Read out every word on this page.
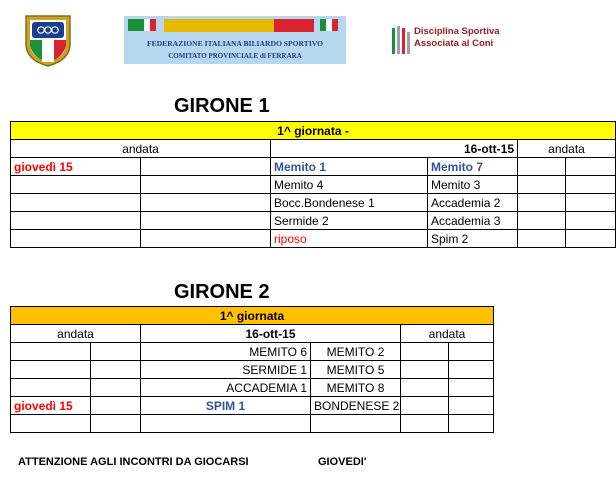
FEDERAZIONE ITALIANA BILIARDO SPORTIVO
COMITATO PROVINCIALE di FERRARA
Disciplina Sportiva
Associata al Coni
GIRONE 1
1^ giornata -					
andata		16-ott-15		andata	
giovedì 15		Memito 1	Memito 7		
		Memito 4	Memito 3		
		Bocc.Bondenese 1	Accademia 2		
		Sermide 2	Accademia 3		
		riposo	Spim 2		
GIRONE 2
1^ giornata					
andata		16-ott-15		andata	
		MEMITO 6	MEMITO 2		
		SERMIDE 1	MEMITO 5		
		ACCADEMIA 1	MEMITO 8		
giovedì 15		SPIM 1	BONDENESE 2		

ATTENZIONE AGLI INCONTRI DA GIOCARSI	GIOVEDI'
